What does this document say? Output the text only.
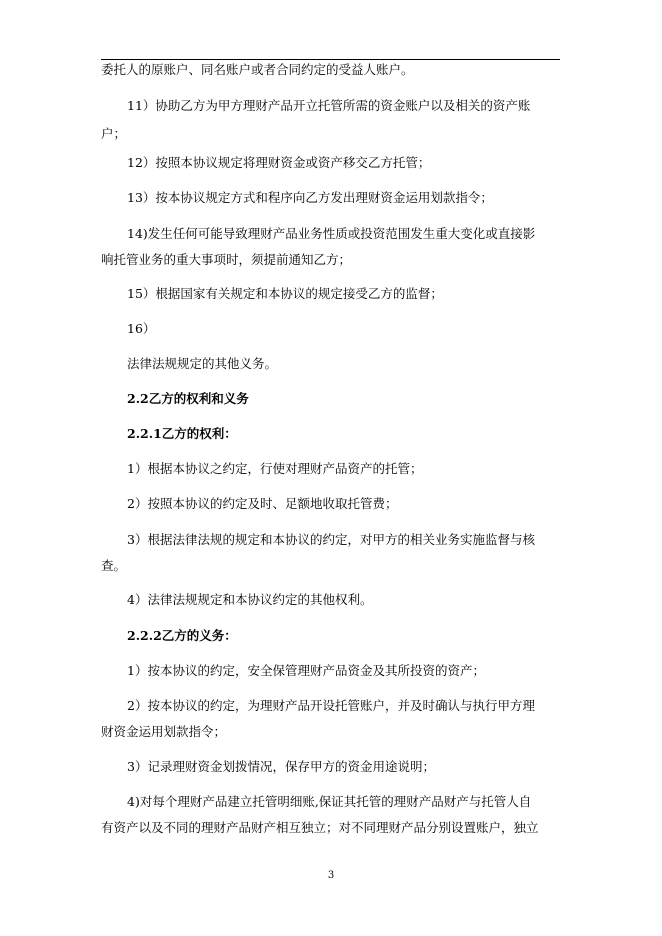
委托人的原账户、同名账户或者合同约定的受益人账户。
11）协助乙方为甲方理财产品开立托管所需的资金账户以及相关的资产账
户；
12）按照本协议规定将理财资金或资产移交乙方托管；
13）按本协议规定方式和程序向乙方发出理财资金运用划款指令；
14)发生任何可能导致理财产品业务性质或投资范围发生重大变化或直接影
响托管业务的重大事项时，须提前通知乙方；
15）根据国家有关规定和本协议的规定接受乙方的监督；
16）
法律法规规定的其他义务。
2.2乙方的权利和义务
2.2.1乙方的权利：
1）根据本协议之约定，行使对理财产品资产的托管；
2）按照本协议的约定及时、足额地收取托管费；
3）根据法律法规的规定和本协议的约定，对甲方的相关业务实施监督与核
查。
4）法律法规规定和本协议约定的其他权利。
2.2.2乙方的义务：
1）按本协议的约定，安全保管理财产品资金及其所投资的资产；
2）按本协议的约定，为理财产品开设托管账户，并及时确认与执行甲方理
财资金运用划款指令；
3）记录理财资金划拨情况，保存甲方的资金用途说明；
4)对每个理财产品建立托管明细账,保证其托管的理财产品财产与托管人自
有资产以及不同的理财产品财产相互独立；对不同理财产品分别设置账户，独立
3
